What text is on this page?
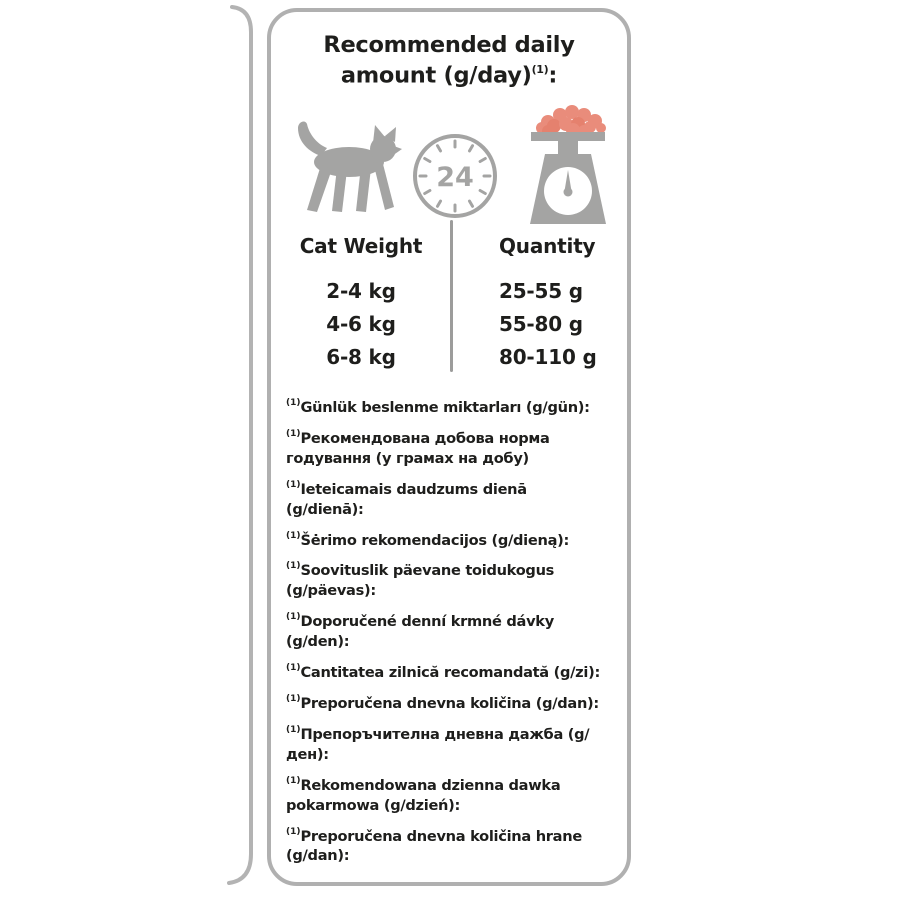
Recommended daily
amount $(g/day)^{(1)}$:
24
Cat Weight	Quantity
2-4 kg	25-55 g
4-6 kg	55-80 g
6-8 kg	80-110 g
$^{(1)}$Günlük beslenme miktarları (g/gün):
$^{(1)}$Рекомендована добова норма годування (у грамах на добу)
$^{(1)}$Ieteicamais daudzums dienā (g/dienā):
$^{(1)}$Šėrimo rekomendacijos (g/dieną):
$^{(1)}$Soovituslik päevane toidukogus (g/päevas):
$^{(1)}$Doporučené denní krmné dávky (g/den):
$^{(1)}$Cantitatea zilnică recomandată (g/zi):
$^{(1)}$Preporučena dnevna količina (g/dan):
$^{(1)}$Препоръчителна дневна дажба (g/ден):
$^{(1)}$Rekomendowana dzienna dawka pokarmowa (g/dzień):
$^{(1)}$Preporučena dnevna količina hrane (g/dan):
